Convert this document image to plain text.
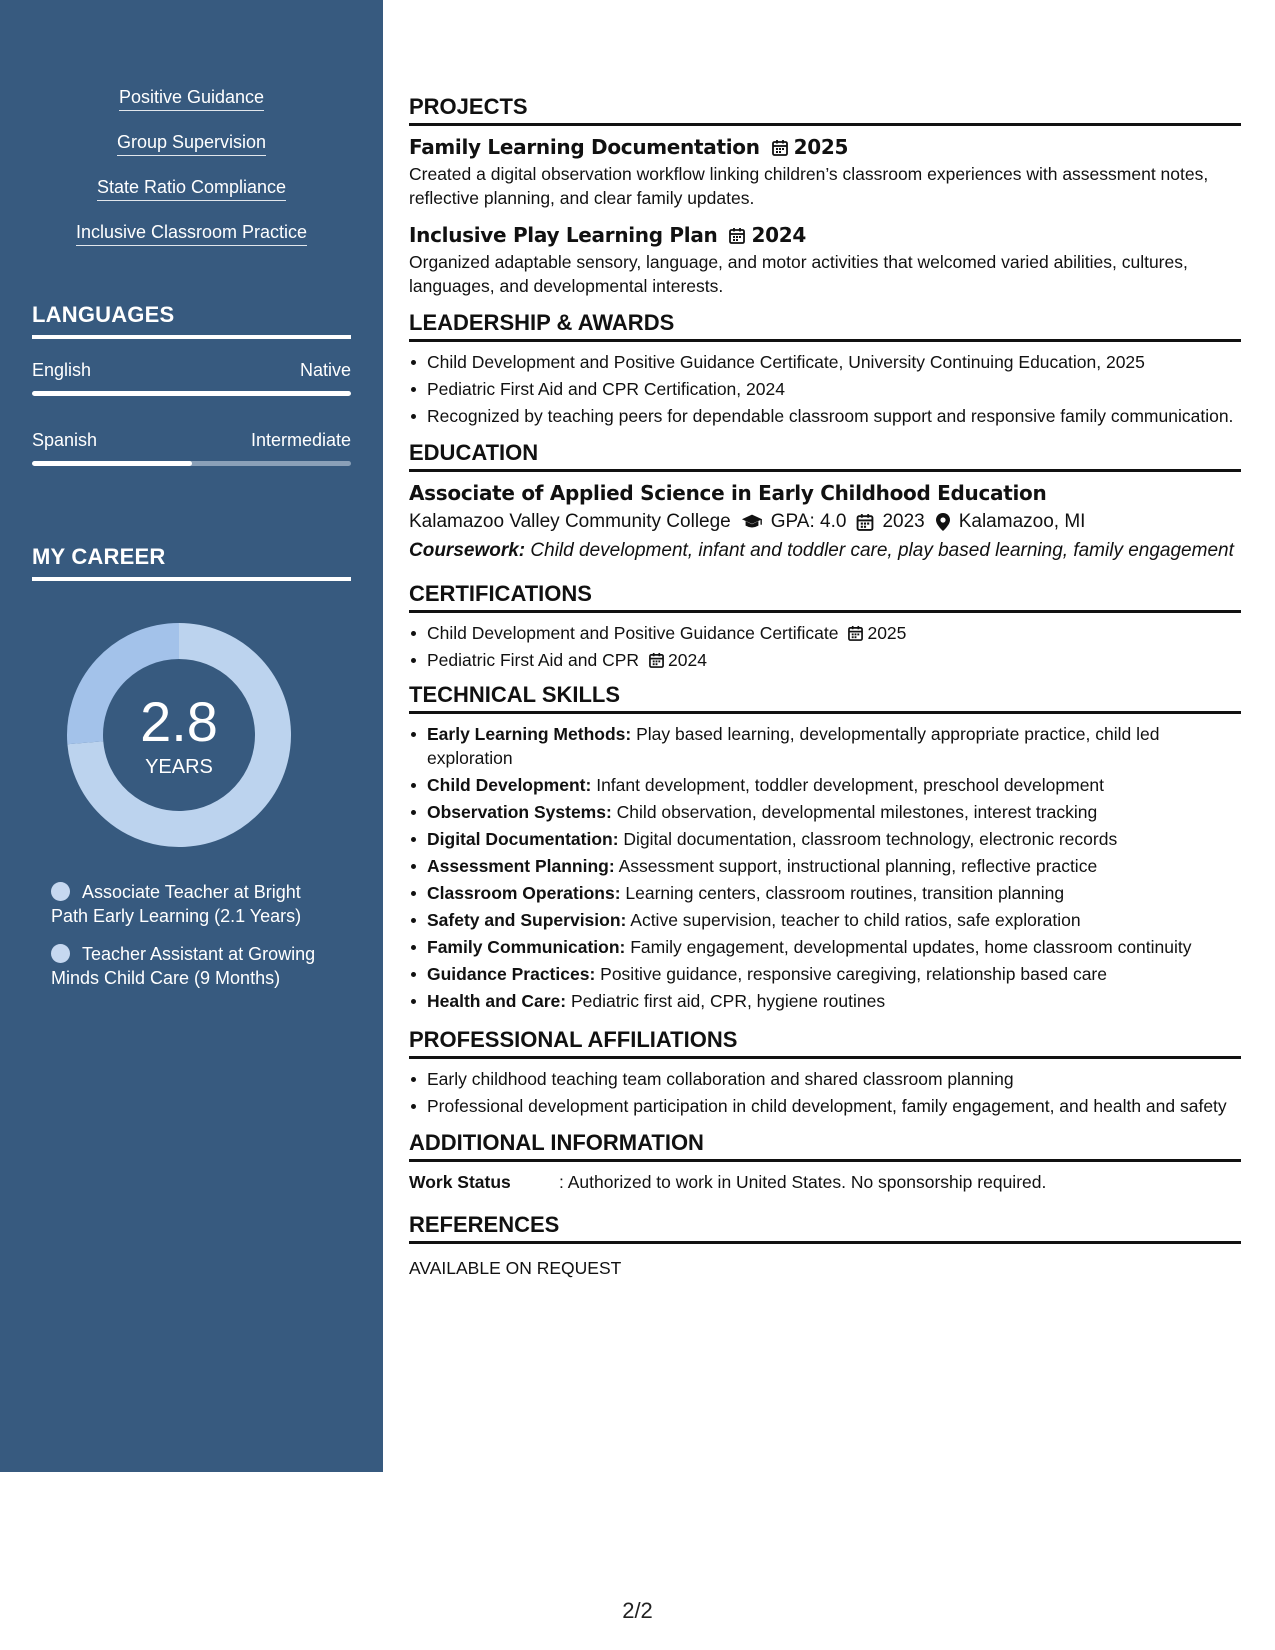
Positive Guidance
Group Supervision
State Ratio Compliance
Inclusive Classroom Practice
LANGUAGES
English	Native
Spanish	Intermediate
MY CAREER
2.8
YEARS
Associate Teacher at Bright Path Early Learning (2.1 Years)
Teacher Assistant at Growing Minds Child Care (9 Months)
PROJECTS
Family Learning Documentation 2025
Created a digital observation workflow linking children’s classroom experiences with assessment notes, reflective planning, and clear family updates.
Inclusive Play Learning Plan 2024
Organized adaptable sensory, language, and motor activities that welcomed varied abilities, cultures, languages, and developmental interests.
LEADERSHIP & AWARDS
Child Development and Positive Guidance Certificate, University Continuing Education, 2025
Pediatric First Aid and CPR Certification, 2024
Recognized by teaching peers for dependable classroom support and responsive family communication.
EDUCATION
Associate of Applied Science in Early Childhood Education
Kalamazoo Valley Community College GPA: 4.0 2023 Kalamazoo, MI
Coursework: Child development, infant and toddler care, play based learning, family engagement
CERTIFICATIONS
Child Development and Positive Guidance Certificate 2025
Pediatric First Aid and CPR 2024
TECHNICAL SKILLS
Early Learning Methods: Play based learning, developmentally appropriate practice, child led exploration
Child Development: Infant development, toddler development, preschool development
Observation Systems: Child observation, developmental milestones, interest tracking
Digital Documentation: Digital documentation, classroom technology, electronic records
Assessment Planning: Assessment support, instructional planning, reflective practice
Classroom Operations: Learning centers, classroom routines, transition planning
Safety and Supervision: Active supervision, teacher to child ratios, safe exploration
Family Communication: Family engagement, developmental updates, home classroom continuity
Guidance Practices: Positive guidance, responsive caregiving, relationship based care
Health and Care: Pediatric first aid, CPR, hygiene routines
PROFESSIONAL AFFILIATIONS
Early childhood teaching team collaboration and shared classroom planning
Professional development participation in child development, family engagement, and health and safety
ADDITIONAL INFORMATION
Work Status	: Authorized to work in United States. No sponsorship required.
REFERENCES
AVAILABLE ON REQUEST
2/2
